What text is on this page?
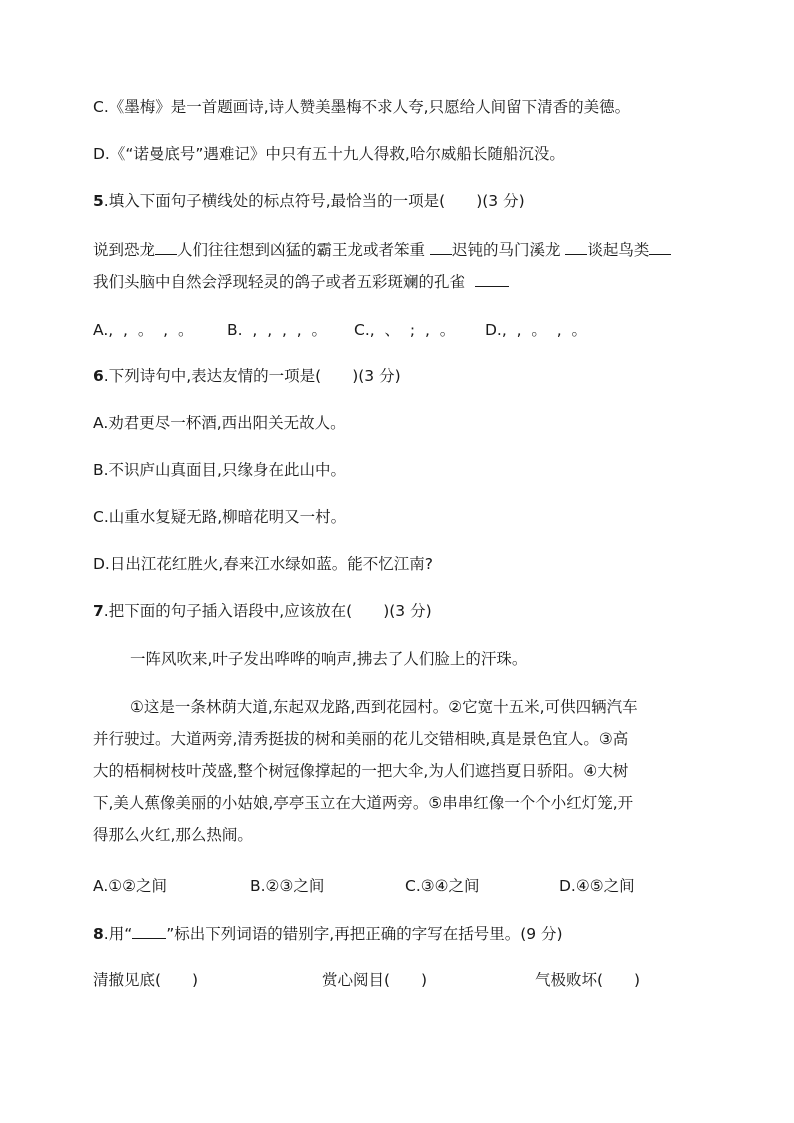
C.《墨梅》是一首题画诗,诗人赞美墨梅不求人夸,只愿给人间留下清香的美德。
D.《“诺曼底号”遇难记》中只有五十九人得救,哈尔威船长随船沉没。
5.填入下面句子横线处的标点符号,最恰当的一项是(　　)(3 分)
说到恐龙 人们往往想到凶猛的霸王龙或者笨重 迟钝的马门溪龙 谈起鸟类
我们头脑中自然会浮现轻灵的鸽子或者五彩斑斓的孔雀
A.,  ,  。  ,  。 B.  ,  ,  ,  ,  。 C.,  、  ;  ,  。 D.,  ,  。  ,  。
6.下列诗句中,表达友情的一项是(　　)(3 分)
A.劝君更尽一杯酒,西出阳关无故人。
B.不识庐山真面目,只缘身在此山中。
C.山重水复疑无路,柳暗花明又一村。
D.日出江花红胜火,春来江水绿如蓝。能不忆江南?
7.把下面的句子插入语段中,应该放在(　　)(3 分)
一阵风吹来,叶子发出哗哗的响声,拂去了人们脸上的汗珠。
①这是一条林荫大道,东起双龙路,西到花园村。②它宽十五米,可供四辆汽车
并行驶过。大道两旁,清秀挺拔的树和美丽的花儿交错相映,真是景色宜人。③高
大的梧桐树枝叶茂盛,整个树冠像撑起的一把大伞,为人们遮挡夏日骄阳。④大树
下,美人蕉像美丽的小姑娘,亭亭玉立在大道两旁。⑤串串红像一个个小红灯笼,开
得那么火红,那么热闹。
A.①②之间	B.②③之间	C.③④之间	D.④⑤之间
8.用“ ”标出下列词语的错别字,再把正确的字写在括号里。(9 分)
清撤见底(　　)	赏心阅目(　　)	气极败坏(　　)
